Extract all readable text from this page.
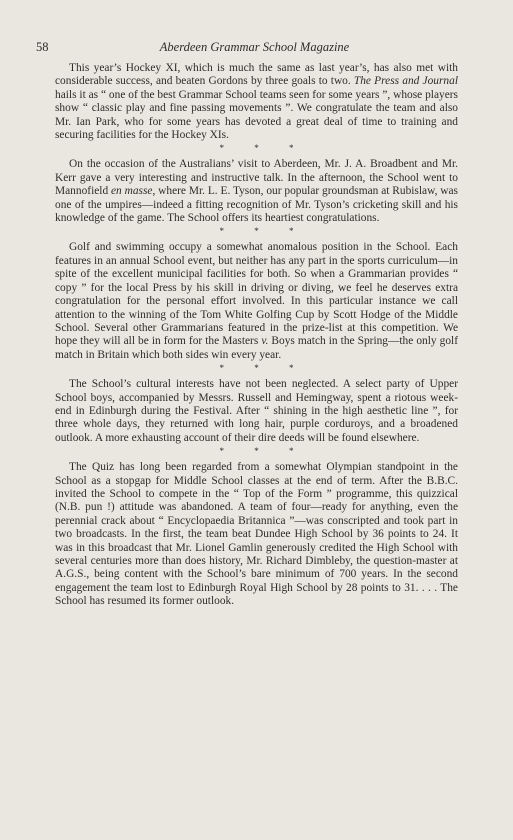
58	Aberdeen Grammar School Magazine

This year’s Hockey XI, which is much the same as last year’s, has also met with considerable success, and beaten Gordons by three goals to two. The Press and Journal hails it as “ one of the best Grammar School teams seen for some years ”, whose players show “ classic play and fine passing movements ”. We congratulate the team and also Mr. Ian Park, who for some years has devoted a great deal of time to training and securing facilities for the Hockey XIs.

* * *

On the occasion of the Australians’ visit to Aberdeen, Mr. J. A. Broadbent and Mr. Kerr gave a very interesting and instructive talk. In the afternoon, the School went to Mannofield en masse, where Mr. L. E. Tyson, our popular groundsman at Rubislaw, was one of the umpires—indeed a fitting recognition of Mr. Tyson’s cricketing skill and his knowledge of the game. The School offers its heartiest congratulations.

* * *

Golf and swimming occupy a somewhat anomalous position in the School. Each features in an annual School event, but neither has any part in the sports curriculum—in spite of the excellent municipal facilities for both. So when a Grammarian provides “ copy ” for the local Press by his skill in driving or diving, we feel he deserves extra congratulation for the personal effort involved. In this particular instance we call attention to the winning of the Tom White Golfing Cup by Scott Hodge of the Middle School. Several other Grammarians featured in the prize-list at this competition. We hope they will all be in form for the Masters v. Boys match in the Spring—the only golf match in Britain which both sides win every year.

* * *

The School’s cultural interests have not been neglected. A select party of Upper School boys, accompanied by Messrs. Russell and Hemingway, spent a riotous week-end in Edinburgh during the Festival. After “ shining in the high aesthetic line ”, for three whole days, they returned with long hair, purple corduroys, and a broadened outlook. A more exhausting account of their dire deeds will be found elsewhere.

* * *

The Quiz has long been regarded from a somewhat Olympian standpoint in the School as a stopgap for Middle School classes at the end of term. After the B.B.C. invited the School to compete in the “ Top of the Form ” programme, this quizzical (N.B. pun !) attitude was abandoned. A team of four—ready for anything, even the perennial crack about “ Encyclopaedia Britannica ”—was conscripted and took part in two broadcasts. In the first, the team beat Dundee High School by 36 points to 24. It was in this broadcast that Mr. Lionel Gamlin generously credited the High School with several centuries more than does history, Mr. Richard Dimbleby, the question-master at A.G.S., being content with the School’s bare minimum of 700 years. In the second engagement the team lost to Edinburgh Royal High School by 28 points to 31. . . . The School has resumed its former outlook.
